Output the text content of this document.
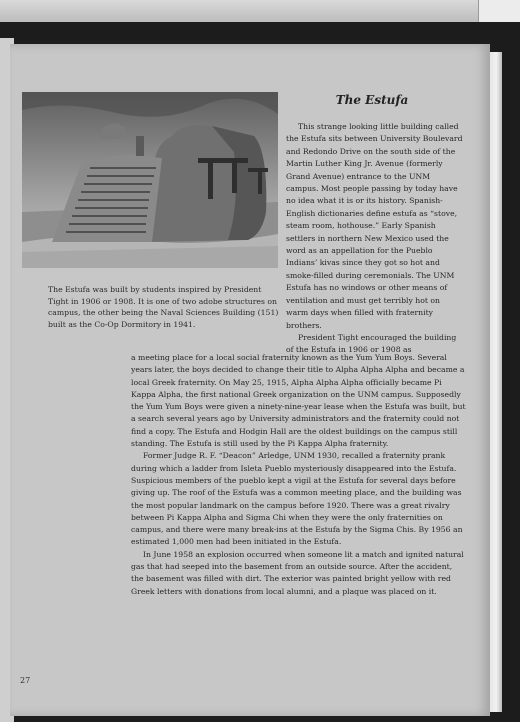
The Estufa was built by students inspired by President Tight in 1906 or 1908. It is one of two adobe structures on campus, the other being the Naval Sciences Building (151) built as the Co-Op Dormitory in 1941.

The Estufa

This strange looking little building called the Estufa sits between University Boulevard and Redondo Drive on the south side of the Martin Luther King Jr. Avenue (formerly Grand Avenue) entrance to the UNM campus. Most people passing by today have no idea what it is or its history. Spanish-English dictionaries define estufa as “stove, steam room, hothouse.” Early Spanish settlers in northern New Mexico used the word as an appellation for the Pueblo Indians’ kivas since they got so hot and smoke-filled during ceremonials. The UNM Estufa has no windows or other means of ventilation and must get terribly hot on warm days when filled with fraternity brothers.

President Tight encouraged the building of the Estufa in 1906 or 1908 as

a meeting place for a local social fraternity known as the Yum Yum Boys. Several years later, the boys decided to change their title to Alpha Alpha Alpha and became a local Greek fraternity. On May 25, 1915, Alpha Alpha Alpha officially became Pi Kappa Alpha, the first national Greek organization on the UNM campus. Supposedly the Yum Yum Boys were given a ninety-nine-year lease when the Estufa was built, but a search several years ago by University administrators and the fraternity could not find a copy. The Estufa and Hodgin Hall are the oldest buildings on the campus still standing. The Estufa is still used by the Pi Kappa Alpha fraternity.

Former Judge R. F. “Deacon” Arledge, UNM 1930, recalled a fraternity prank during which a ladder from Isleta Pueblo mysteriously disappeared into the Estufa. Suspicious members of the pueblo kept a vigil at the Estufa for several days before giving up. The roof of the Estufa was a common meeting place, and the building was the most popular landmark on the campus before 1920. There was a great rivalry between Pi Kappa Alpha and Sigma Chi when they were the only fraternities on campus, and there were many break-ins at the Estufa by the Sigma Chis. By 1956 an estimated 1,000 men had been initiated in the Estufa.

In June 1958 an explosion occurred when someone lit a match and ignited natural gas that had seeped into the basement from an outside source. After the accident, the basement was filled with dirt. The exterior was painted bright yellow with red Greek letters with donations from local alumni, and a plaque was placed on it.

27
